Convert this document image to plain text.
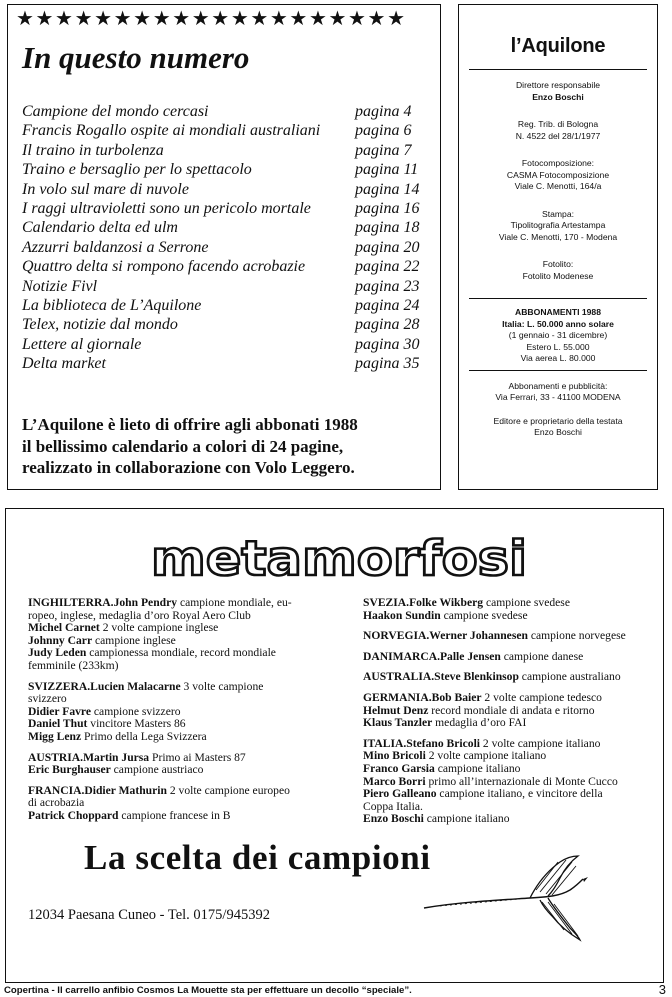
★★★★★★★★★★★★★★★★★★★★
In questo numero
Campione del mondo cercasi	pagina 4
Francis Rogallo ospite ai mondiali australiani pagina 6
Il traino in turbolenza	pagina 7
Traino e bersaglio per lo spettacolo	pagina 11
In volo sul mare di nuvole	pagina 14
I raggi ultravioletti sono un pericolo mortale	pagina 16
Calendario delta ed ulm	pagina 18
Azzurri baldanzosi a Serrone	pagina 20
Quattro delta si rompono facendo acrobazie	pagina 22
Notizie Fivl	pagina 23
La biblioteca de L’Aquilone	pagina 24
Telex, notizie dal mondo	pagina 28
Lettere al giornale	pagina 30
Delta market	pagina 35
L’Aquilone è lieto di offrire agli abbonati 1988
il bellissimo calendario a colori di 24 pagine,
realizzato in collaborazione con Volo Leggero.
l’Aquilone
Direttore responsabile
Enzo Boschi
Reg. Trib. di Bologna
N. 4522 del 28/1/1977
Fotocomposizione:
CASMA Fotocomposizione
Viale C. Menotti, 164/a
Stampa:
Tipolitografia Artestampa
Viale C. Menotti, 170 - Modena
Fotolito:
Fotolito Modenese
ABBONAMENTI 1988
Italia: L. 50.000 anno solare
(1 gennaio - 31 dicembre)
Estero L. 55.000
Via aerea L. 80.000
Abbonamenti e pubblicità:
Via Ferrari, 33 - 41100 MODENA
Editore e proprietario della testata
Enzo Boschi
metamorfosi

INGHILTERRA.John Pendry campione mondiale, eu-

ropeo, inglese, medaglia d’oro Royal Aero Club

Michel Carnet 2 volte campione inglese

Johnny Carr campione inglese

Judy Leden campionessa mondiale, record mondiale

femminile (233km)

SVIZZERA.Lucien Malacarne 3 volte campione

svizzero

Didier Favre campione svizzero

Daniel Thut vincitore Masters 86

Migg Lenz Primo della Lega Svizzera

AUSTRIA.Martin Jursa Primo ai Masters 87

Eric Burghauser campione austriaco

FRANCIA.Didier Mathurin 2 volte campione europeo

di acrobazia

Patrick Choppard campione francese in B

SVEZIA.Folke Wikberg campione svedese

Haakon Sundin campione svedese

NORVEGIA.Werner Johannesen campione norvegese

DANIMARCA.Palle Jensen campione danese

AUSTRALIA.Steve Blenkinsop campione australiano

GERMANIA.Bob Baier 2 volte campione tedesco

Helmut Denz record mondiale di andata e ritorno

Klaus Tanzler medaglia d’oro FAI

ITALIA.Stefano Bricoli 2 volte campione italiano

Mino Bricoli 2 volte campione italiano

Franco Garsia campione italiano

Marco Borri primo all’internazionale di Monte Cucco

Piero Galleano campione italiano, e vincitore della

Coppa Italia.

Enzo Boschi campione italiano

La scelta dei campioni
12034 Paesana Cuneo - Tel. 0175/945392
Copertina - Il carrello anfibio Cosmos La Mouette sta per effettuare un decollo “speciale”.	3
